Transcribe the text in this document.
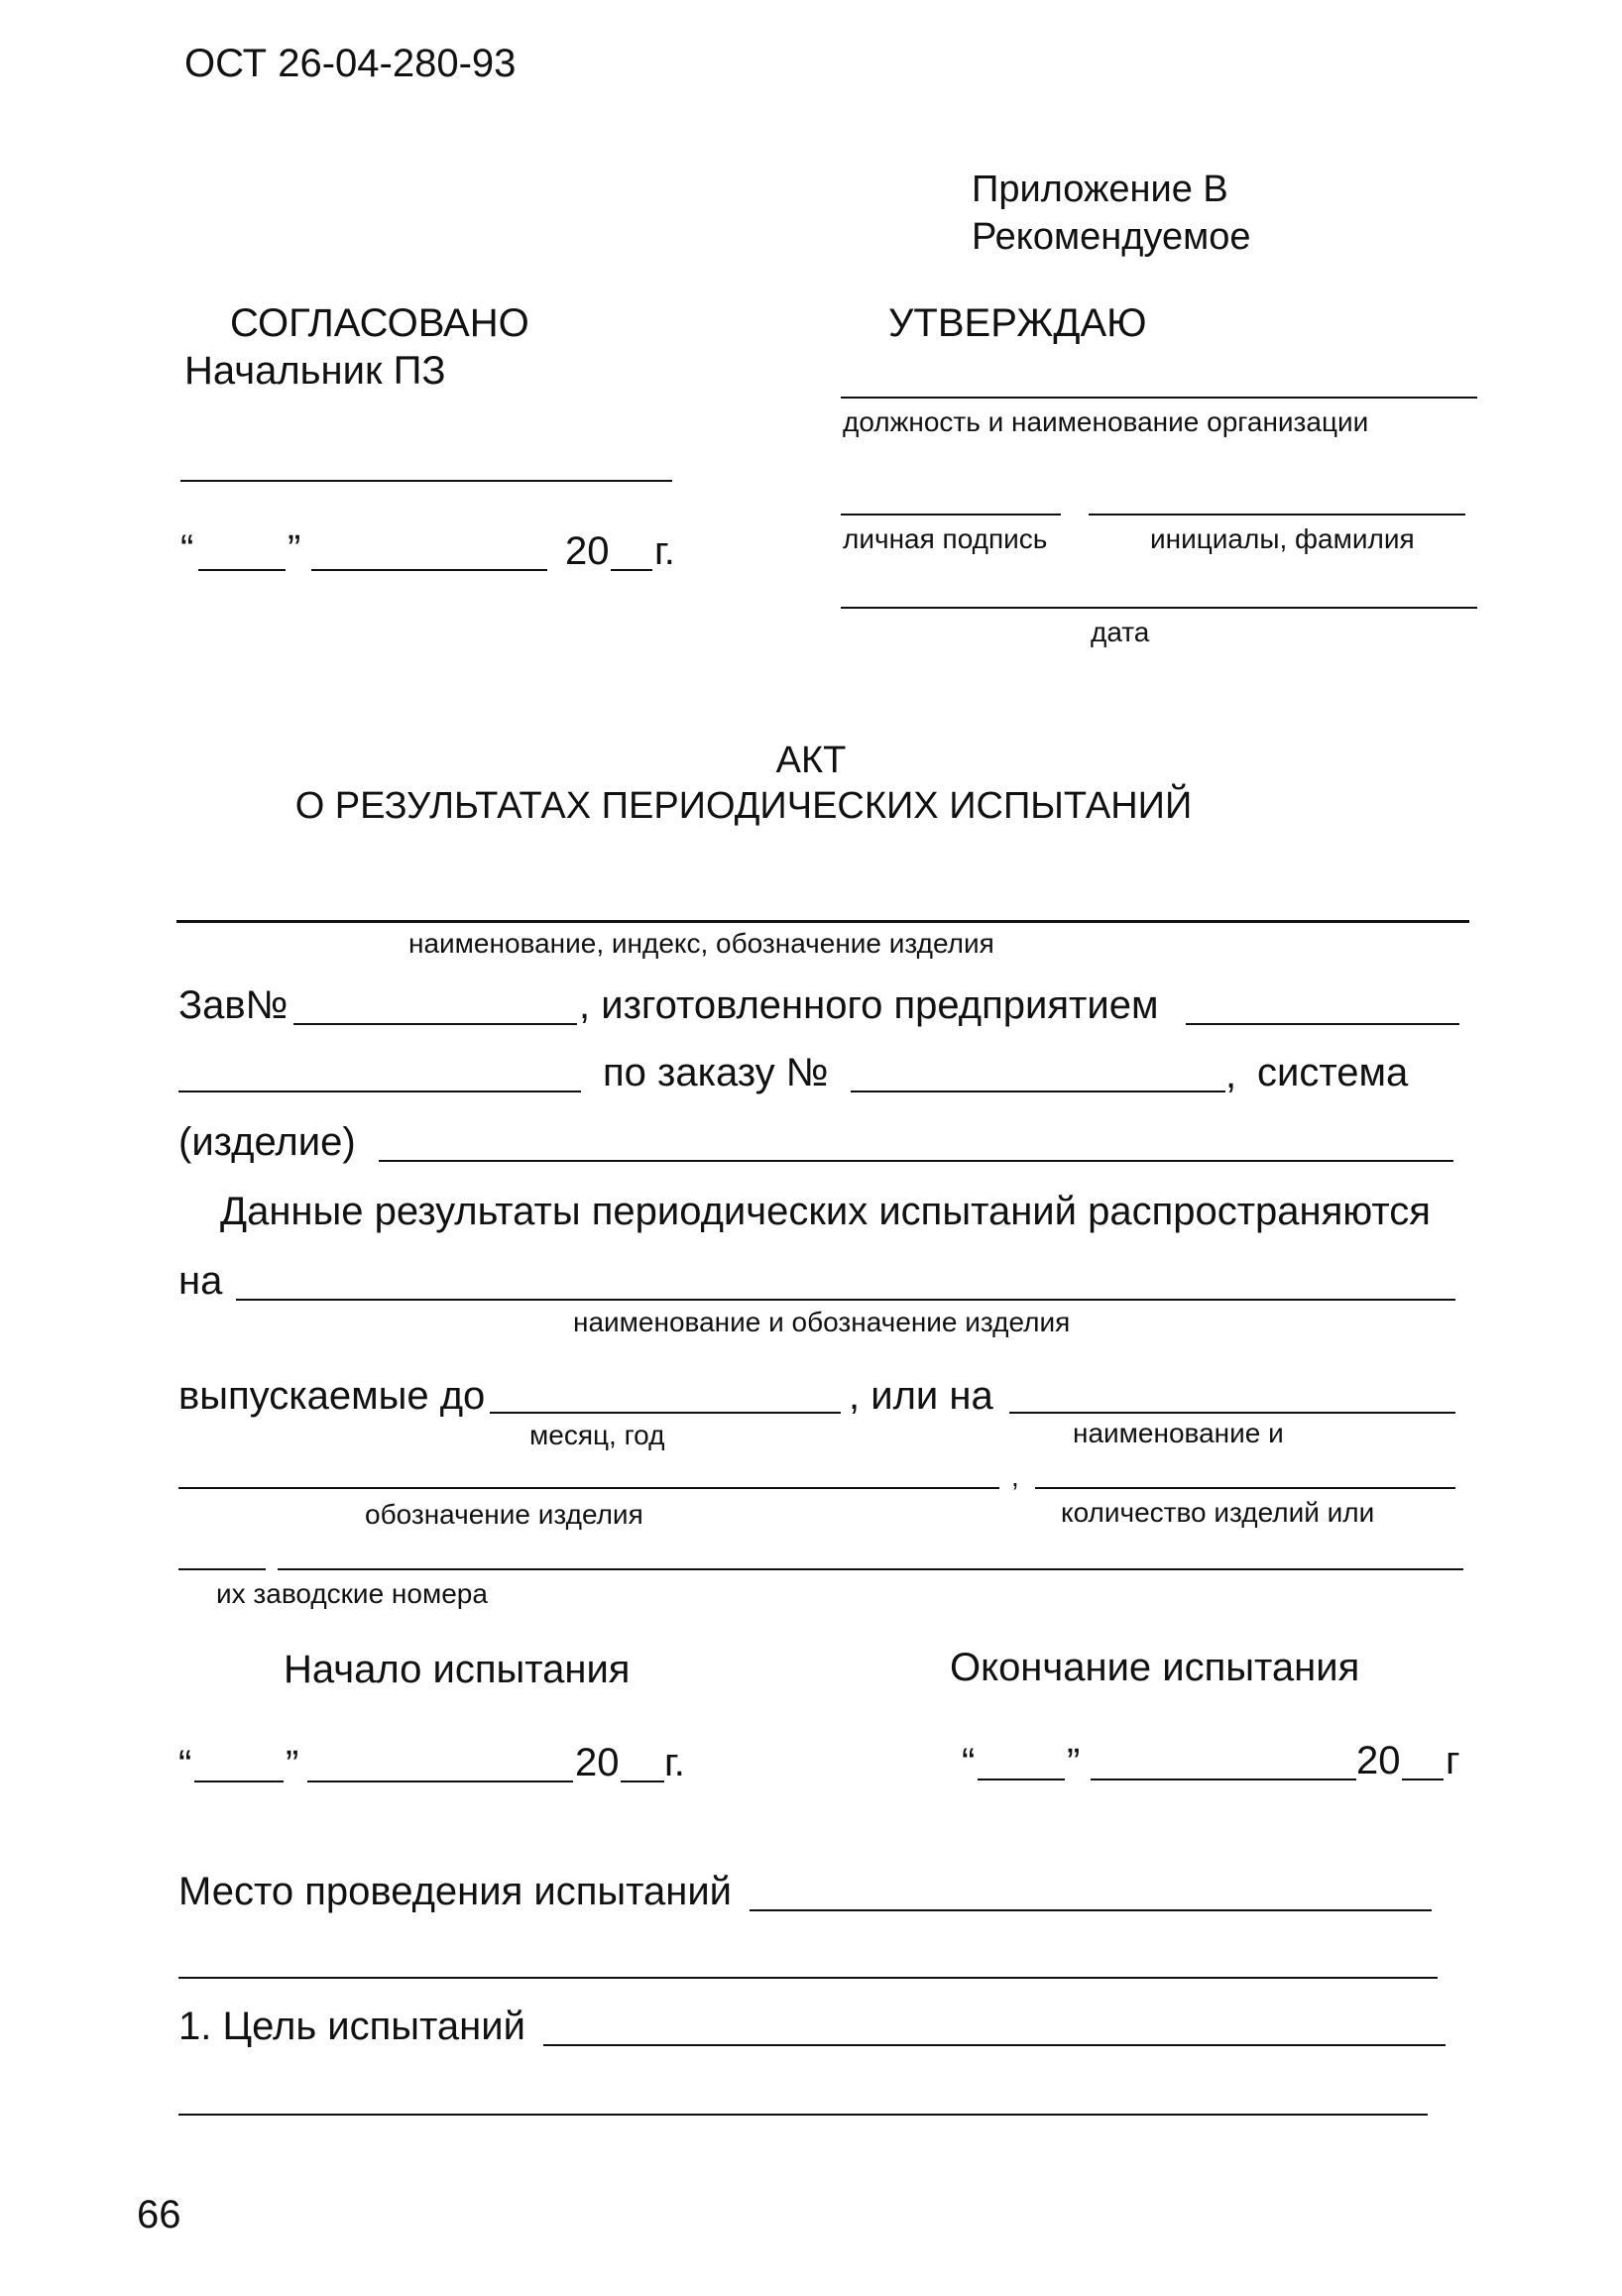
ОСТ 26-04-280-93
Приложение В
Рекомендуемое
СОГЛАСОВАНО
Начальник ПЗ
“ ”	20 г.
УТВЕРЖДАЮ
должность и наименование организации
личная подпись	инициалы, фамилия
дата
АКТ
О РЕЗУЛЬТАТАХ ПЕРИОДИЧЕСКИХ ИСПЫТАНИЙ
наименование, индекс, обозначение изделия
Зав№	, изготовленного предприятием
по заказу №	, система
(изделие)
Данные результаты периодических испытаний распространяются
на
наименование и обозначение изделия
выпускаемые до	, или на
месяц, год	наименование и
,
обозначение изделия	количество изделий или
их заводские номера
Начало испытания	Окончание испытания
“ ”	20 г.	“ ”	20 г
Место проведения испытаний
1. Цель испытаний
66
